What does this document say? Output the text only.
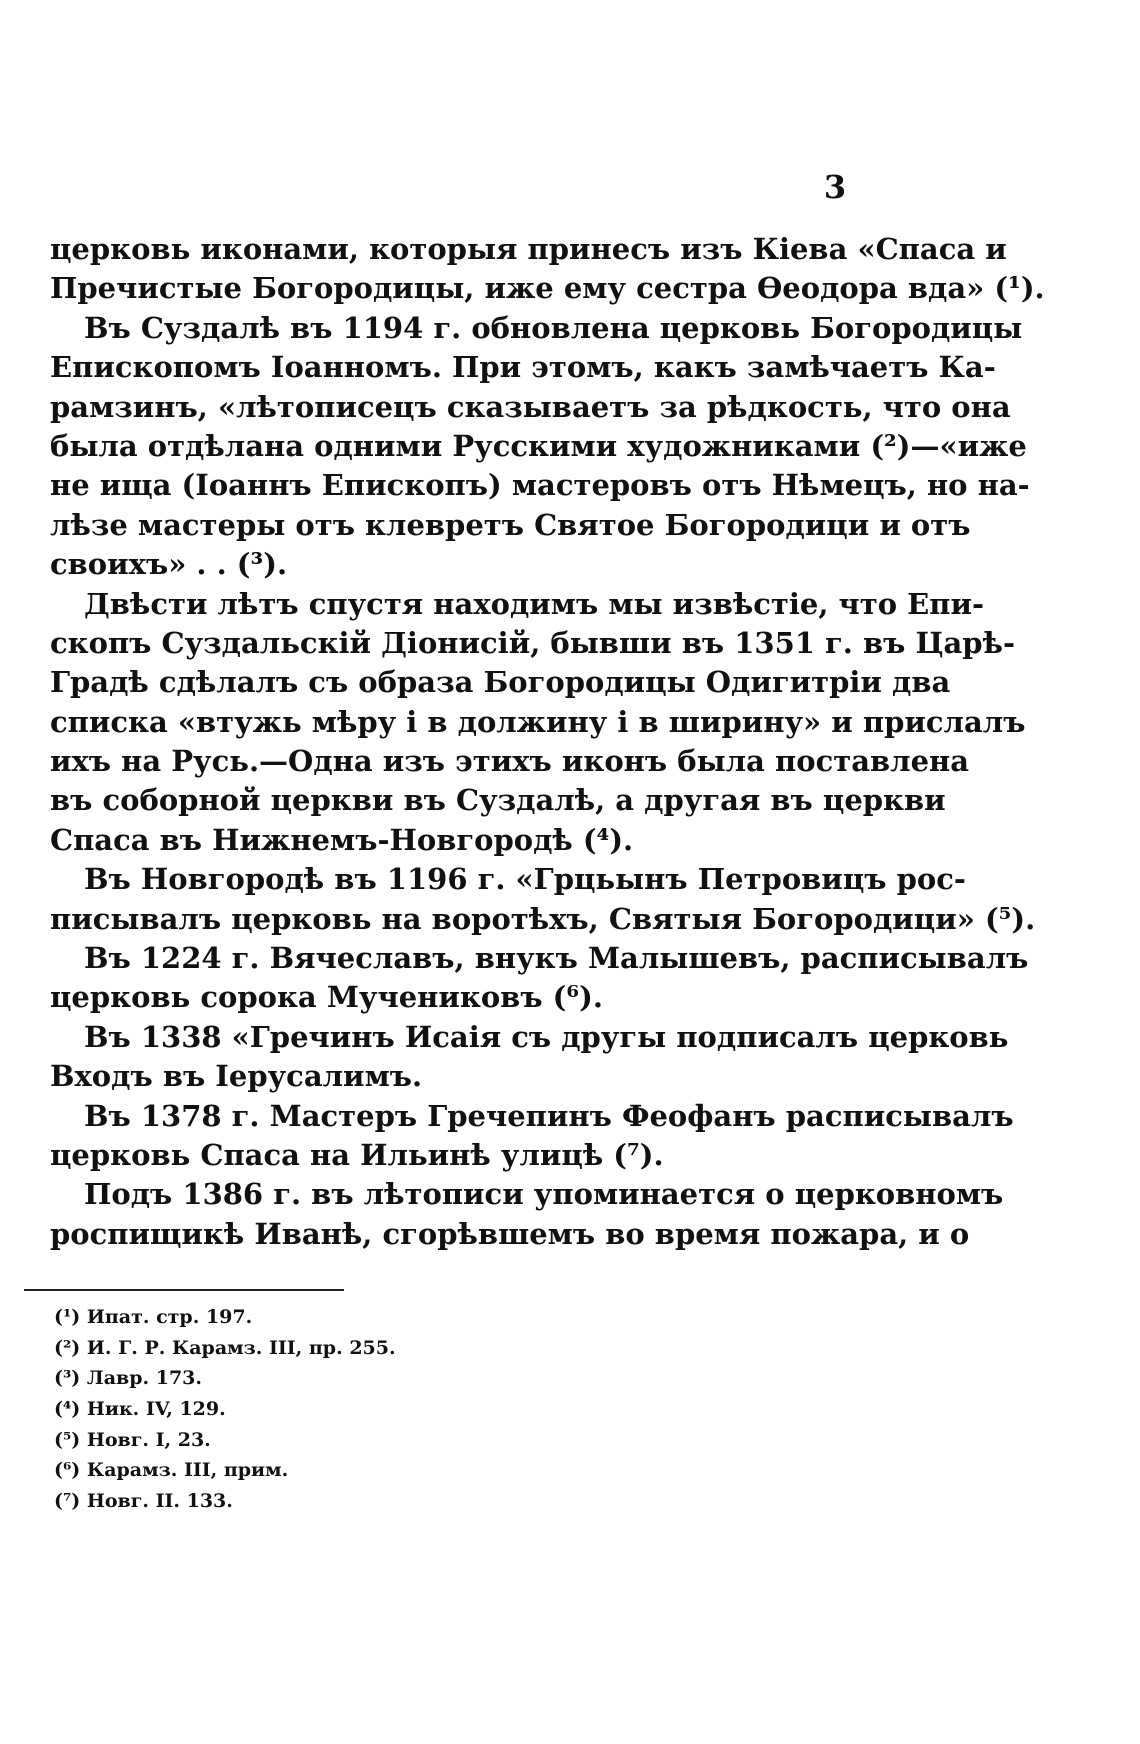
3
церковь иконами, которыя принесъ изъ Кіева «Спаса и
Пречистые Богородицы, иже ему сестра Өеодора вда» (¹).
Въ Суздалѣ въ 1194 г. обновлена церковь Богородицы
Епископомъ Іоанномъ. При этомъ, какъ замѣчаетъ Ка-
рамзинъ, «лѣтописецъ сказываетъ за рѣдкость, что она
была отдѣлана одними Русскими художниками (²)—«иже
не ища (Іоаннъ Епископъ) мастеровъ отъ Нѣмецъ, но на-
лѣзе мастеры отъ клевретъ Святое Богородици и отъ
своихъ» . . (³).
Двѣсти лѣтъ спустя находимъ мы извѣстіе, что Епи-
скопъ Суздальскій Діонисій, бывши въ 1351 г. въ Царѣ-
Градѣ сдѣлалъ съ образа Богородицы Одигитріи два
списка «втужь мѣру і в должину і в ширину» и прислалъ
ихъ на Русь.—Одна изъ этихъ иконъ была поставлена
въ соборной церкви въ Суздалѣ, а другая въ церкви
Спаса въ Нижнемъ-Новгородѣ (⁴).
Въ Новгородѣ въ 1196 г. «Грцьынъ Петровицъ рос-
писывалъ церковь на воротѣхъ, Святыя Богородици» (⁵).
Въ 1224 г. Вячеславъ, внукъ Малышевъ, расписывалъ
церковь сорока Мучениковъ (⁶).
Въ 1338 «Гречинъ Исаія съ другы подписалъ церковь
Входъ въ Іерусалимъ.
Въ 1378 г. Мастеръ Гречепинъ Феофанъ расписывалъ
церковь Спаса на Ильинѣ улицѣ (⁷).
Подъ 1386 г. въ лѣтописи упоминается о церковномъ
роспищикѣ Иванѣ, сгорѣвшемъ во время пожара, и о
(¹) Ипат. стр. 197.
(²) И. Г. Р. Карамз. III, пр. 255.
(³) Лавр. 173.
(⁴) Ник. IV, 129.
(⁵) Новг. I, 23.
(⁶) Карамз. III, прим.
(⁷) Новг. II. 133.
